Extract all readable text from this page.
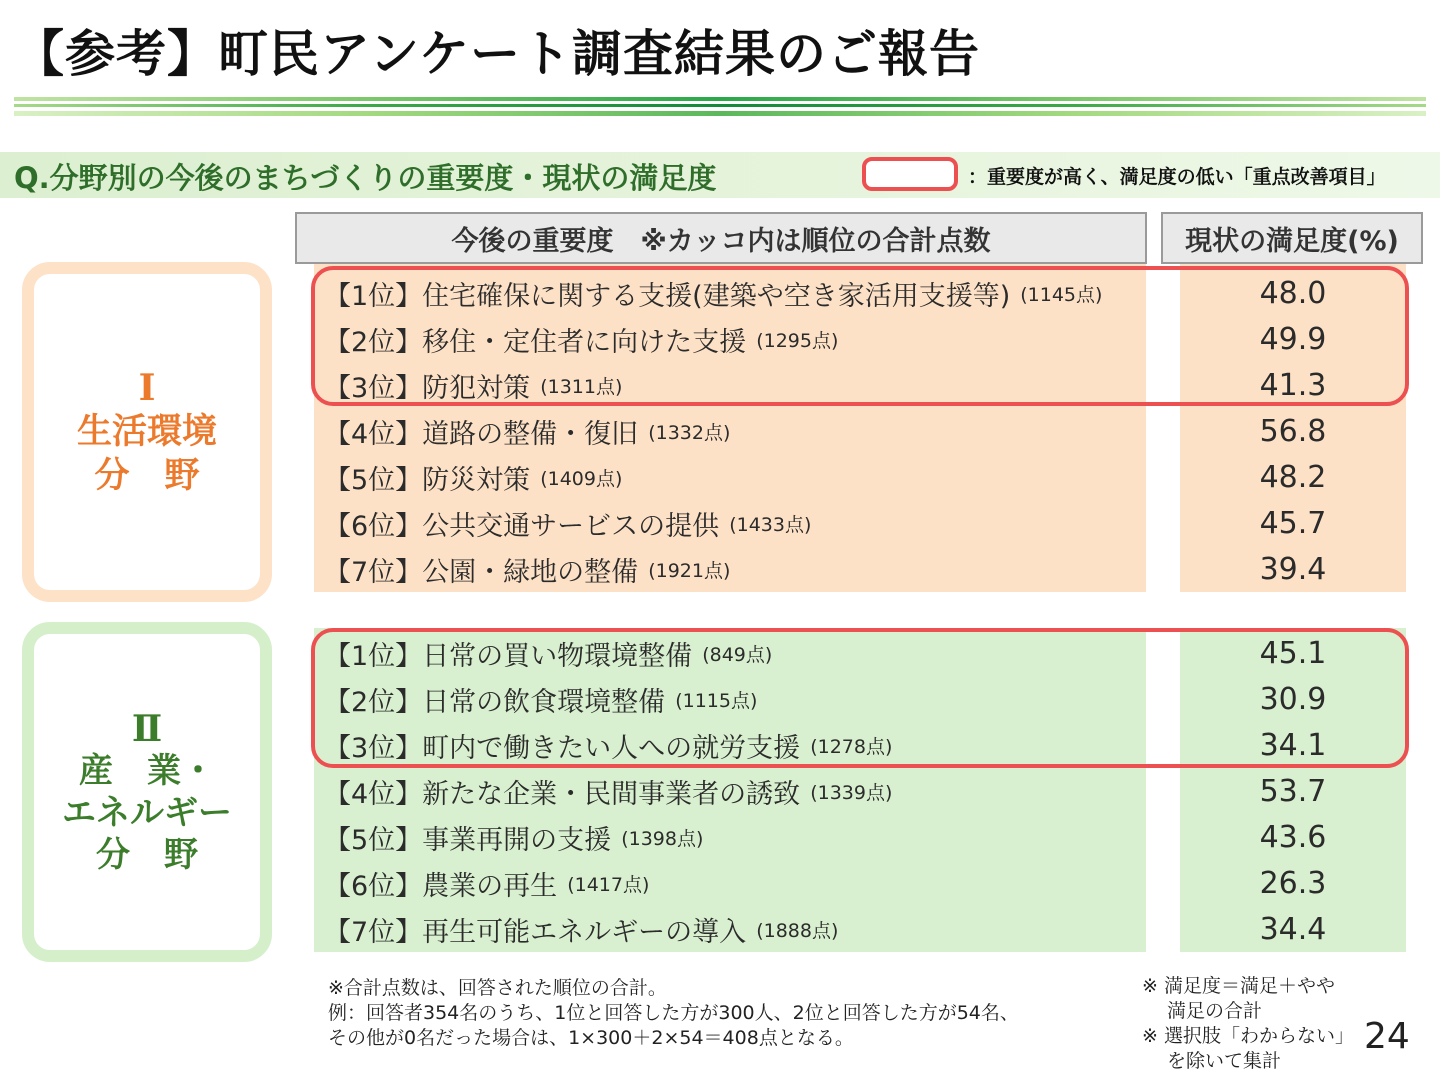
【参考】町民アンケート調査結果のご報告
Q.分野別の今後のまちづくりの重要度・現状の満足度	：重要度が高く、満足度の低い「重点改善項目」
今後の重要度　※カッコ内は順位の合計点数	現状の満足度(%)
Ⅰ
生活環境
分　野
【1位】住宅確保に関する支援(建築や空き家活用支援等) (1145点)
【2位】移住・定住者に向けた支援 (1295点)
【3位】防犯対策 (1311点)
【4位】道路の整備・復旧 (1332点)
【5位】防災対策 (1409点)
【6位】公共交通サービスの提供 (1433点)
【7位】公園・緑地の整備 (1921点)
48.0
49.9
41.3
56.8
48.2
45.7
39.4
Ⅱ
産　業・
エネルギー
分　野
【1位】日常の買い物環境整備 (849点)
【2位】日常の飲食環境整備 (1115点)
【3位】町内で働きたい人への就労支援 (1278点)
【4位】新たな企業・民間事業者の誘致 (1339点)
【5位】事業再開の支援 (1398点)
【6位】農業の再生 (1417点)
【7位】再生可能エネルギーの導入 (1888点)
45.1
30.9
34.1
53.7
43.6
26.3
34.4
※合計点数は、回答された順位の合計。
例：回答者354名のうち、1位と回答した方が300人、2位と回答した方が54名、
その他が0名だった場合は、1×300＋2×54＝408点となる。
※ 満足度＝満足＋やや
　 満足の合計
※ 選択肢「わからない」
　 を除いて集計
24
